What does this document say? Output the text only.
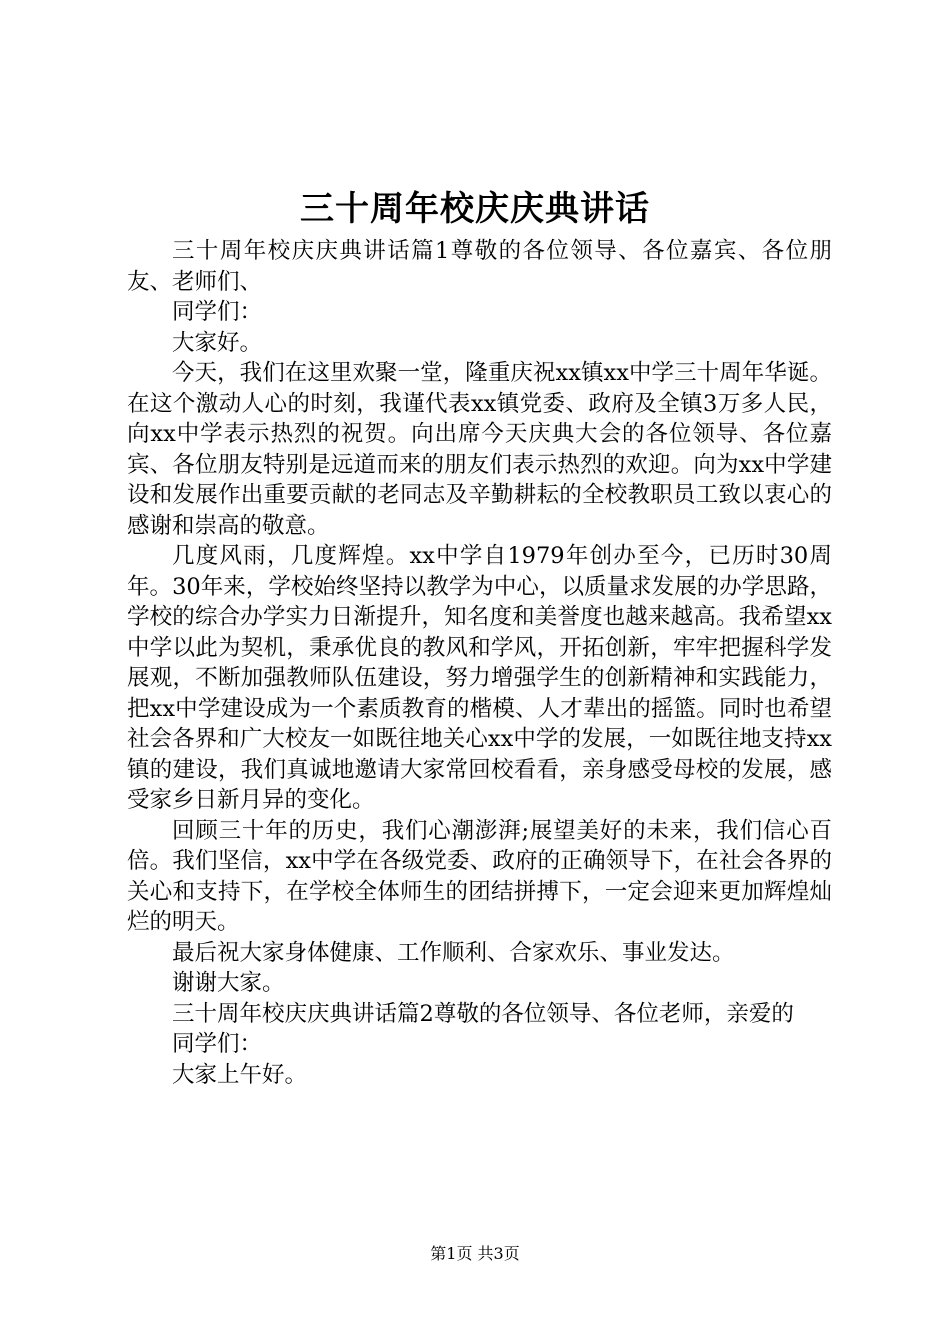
三十周年校庆庆典讲话

三十周年校庆庆典讲话篇1尊敬的各位领导、各位嘉宾、各位朋友、老师们、

同学们：

大家好。

今天，我们在这里欢聚一堂，隆重庆祝xx镇xx中学三十周年华诞。在这个激动人心的时刻，我谨代表xx镇党委、政府及全镇3万多人民，向xx中学表示热烈的祝贺。向出席今天庆典大会的各位领导、各位嘉宾、各位朋友特别是远道而来的朋友们表示热烈的欢迎。向为xx中学建设和发展作出重要贡献的老同志及辛勤耕耘的全校教职员工致以衷心的感谢和崇高的敬意。

几度风雨，几度辉煌。xx中学自1979年创办至今，已历时30周年。30年来，学校始终坚持以教学为中心，以质量求发展的办学思路，学校的综合办学实力日渐提升，知名度和美誉度也越来越高。我希望xx中学以此为契机，秉承优良的教风和学风，开拓创新，牢牢把握科学发展观，不断加强教师队伍建设，努力增强学生的创新精神和实践能力，把xx中学建设成为一个素质教育的楷模、人才辈出的摇篮。同时也希望社会各界和广大校友一如既往地关心xx中学的发展，一如既往地支持xx镇的建设，我们真诚地邀请大家常回校看看，亲身感受母校的发展，感受家乡日新月异的变化。

回顾三十年的历史，我们心潮澎湃;展望美好的未来，我们信心百倍。我们坚信，xx中学在各级党委、政府的正确领导下，在社会各界的关心和支持下，在学校全体师生的团结拼搏下，一定会迎来更加辉煌灿烂的明天。

最后祝大家身体健康、工作顺利、合家欢乐、事业发达。

谢谢大家。

三十周年校庆庆典讲话篇2尊敬的各位领导、各位老师，亲爱的

同学们：

大家上午好。

第1页 共3页
